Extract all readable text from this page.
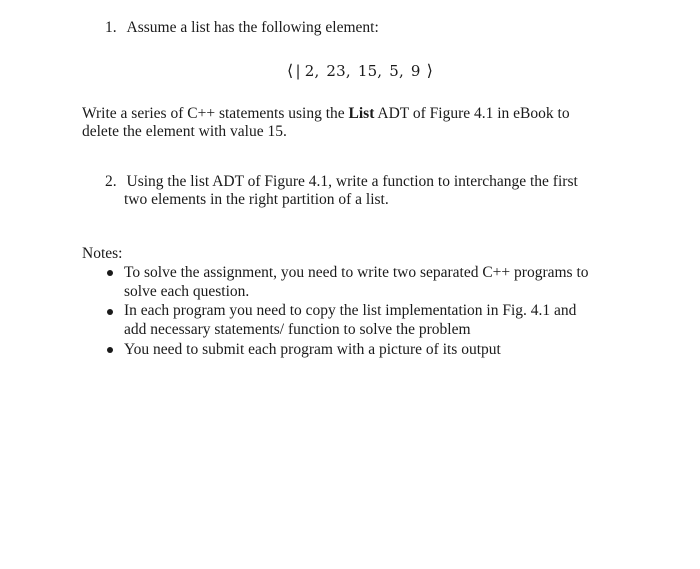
1. Assume a list has the following element:
⟨ | 2, 23, 15, 5, 9 ⟩
Write a series of C++ statements using the List ADT of Figure 4.1 in eBook to
delete the element with value 15.
2. Using the list ADT of Figure 4.1, write a function to interchange the first
two elements in the right partition of a list.
Notes:
To solve the assignment, you need to write two separated C++ programs to
solve each question.
In each program you need to copy the list implementation in Fig. 4.1 and
add necessary statements/ function to solve the problem
You need to submit each program with a picture of its output
